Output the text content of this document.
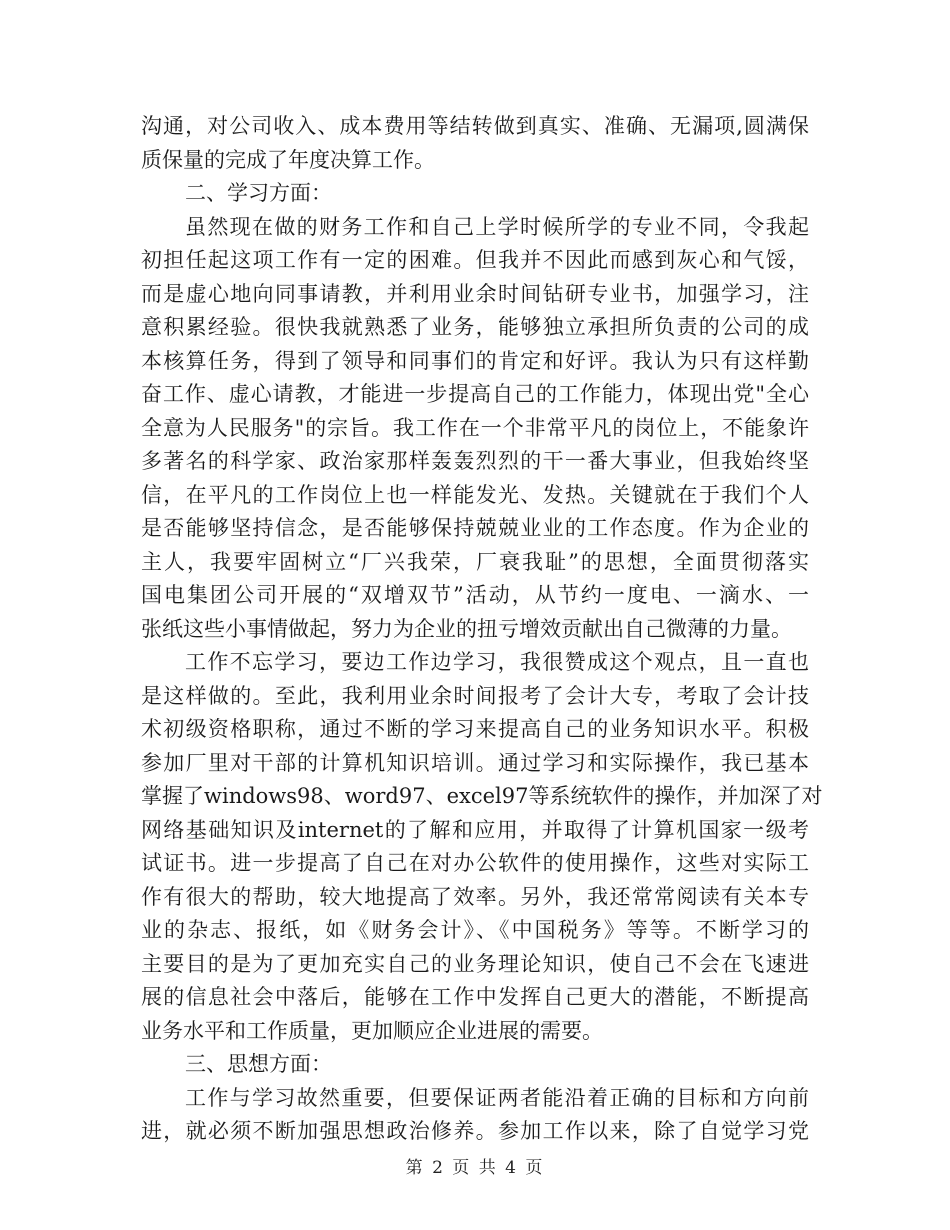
沟通，对公司收入、成本费用等结转做到真实、准确、无漏项,圆满保
质保量的完成了年度决算工作。
二、学习方面：
虽然现在做的财务工作和自己上学时候所学的专业不同，令我起
初担任起这项工作有一定的困难。但我并不因此而感到灰心和气馁，
而是虚心地向同事请教，并利用业余时间钻研专业书，加强学习，注
意积累经验。很快我就熟悉了业务，能够独立承担所负责的公司的成
本核算任务，得到了领导和同事们的肯定和好评。我认为只有这样勤
奋工作、虚心请教，才能进一步提高自己的工作能力，体现出党"全心
全意为人民服务"的宗旨。我工作在一个非常平凡的岗位上，不能象许
多著名的科学家、政治家那样轰轰烈烈的干一番大事业，但我始终坚
信，在平凡的工作岗位上也一样能发光、发热。关键就在于我们个人
是否能够坚持信念，是否能够保持兢兢业业的工作态度。作为企业的
主人，我要牢固树立“厂兴我荣，厂衰我耻”的思想，全面贯彻落实
国电集团公司开展的“双增双节”活动，从节约一度电、一滴水、一
张纸这些小事情做起，努力为企业的扭亏增效贡献出自己微薄的力量。
工作不忘学习，要边工作边学习，我很赞成这个观点，且一直也
是这样做的。至此，我利用业余时间报考了会计大专，考取了会计技
术初级资格职称，通过不断的学习来提高自己的业务知识水平。积极
参加厂里对干部的计算机知识培训。通过学习和实际操作，我已基本
掌握了windows98、word97、excel97等系统软件的操作，并加深了对
网络基础知识及internet的了解和应用，并取得了计算机国家一级考
试证书。进一步提高了自己在对办公软件的使用操作，这些对实际工
作有很大的帮助，较大地提高了效率。另外，我还常常阅读有关本专
业的杂志、报纸，如《财务会计》、《中国税务》等等。不断学习的
主要目的是为了更加充实自己的业务理论知识，使自己不会在飞速进
展的信息社会中落后，能够在工作中发挥自己更大的潜能，不断提高
业务水平和工作质量，更加顺应企业进展的需要。
三、思想方面：
工作与学习故然重要，但要保证两者能沿着正确的目标和方向前
进，就必须不断加强思想政治修养。参加工作以来，除了自觉学习党
第 2 页 共 4 页
